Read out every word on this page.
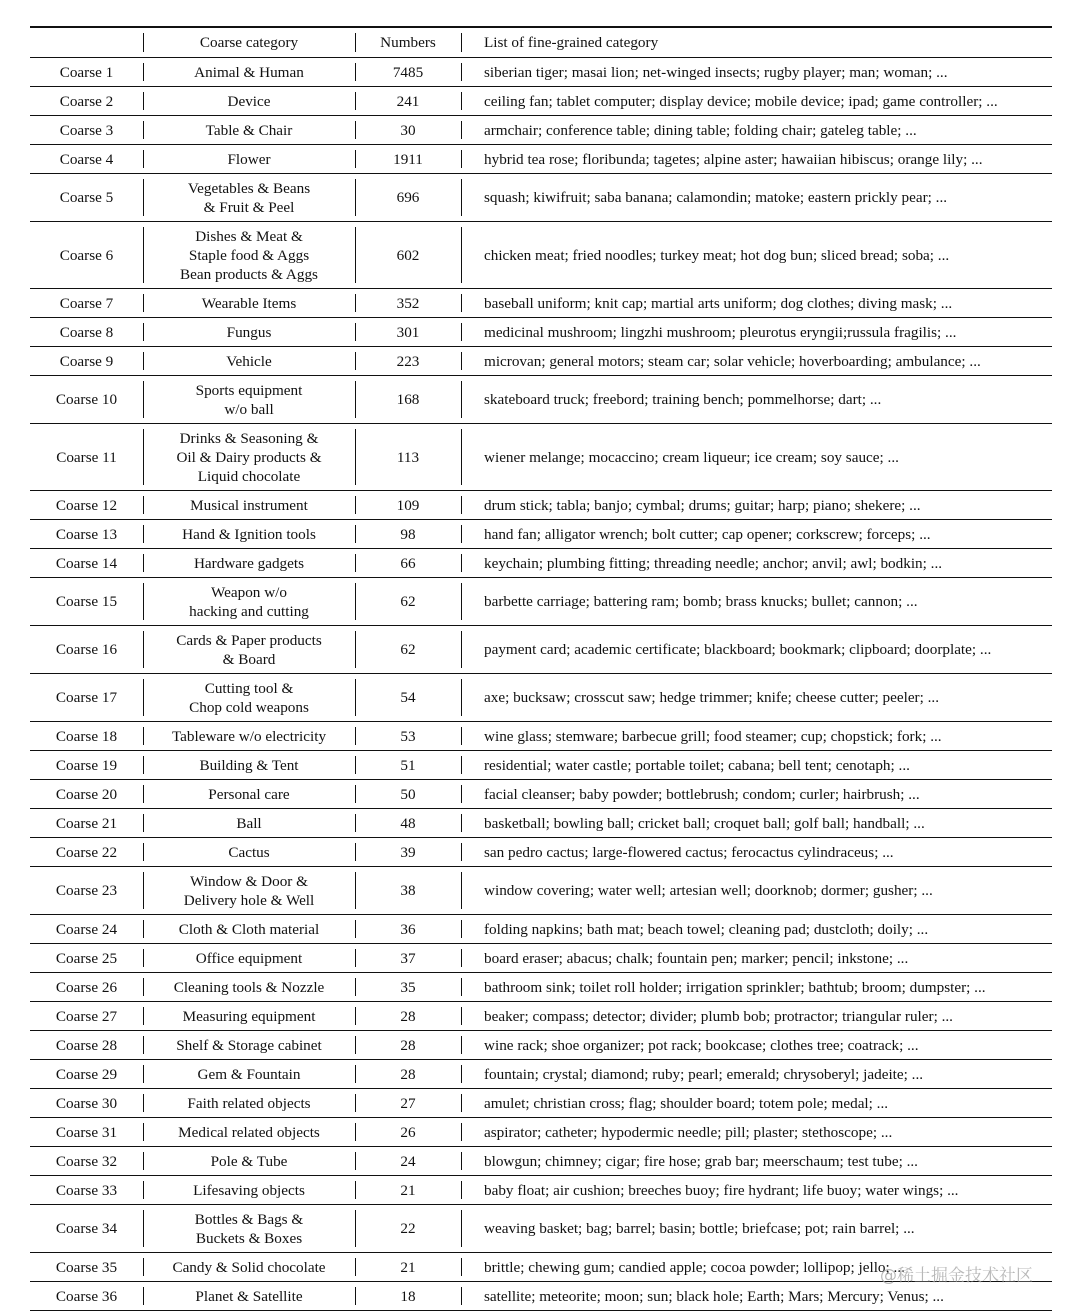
	Coarse category	Numbers	List of fine-grained category
Coarse 1	Animal & Human	7485	siberian tiger; masai lion; net-winged insects; rugby player; man; woman; ...
Coarse 2	Device	241	ceiling fan; tablet computer; display device; mobile device; ipad; game controller; ...
Coarse 3	Table & Chair	30	armchair; conference table; dining table; folding chair; gateleg table; ...
Coarse 4	Flower	1911	hybrid tea rose; floribunda; tagetes; alpine aster; hawaiian hibiscus; orange lily; ...
Coarse 5	Vegetables & Beans
& Fruit & Peel	696	squash; kiwifruit; saba banana; calamondin; matoke; eastern prickly pear; ...
Coarse 6	Dishes & Meat &
Staple food & Aggs
Bean products & Aggs	602	chicken meat; fried noodles; turkey meat; hot dog bun; sliced bread; soba; ...
Coarse 7	Wearable Items	352	baseball uniform; knit cap; martial arts uniform; dog clothes; diving mask; ...
Coarse 8	Fungus	301	medicinal mushroom; lingzhi mushroom; pleurotus eryngii;russula fragilis; ...
Coarse 9	Vehicle	223	microvan; general motors; steam car; solar vehicle; hoverboarding; ambulance; ...
Coarse 10	Sports equipment
w/o ball	168	skateboard truck; freebord; training bench; pommelhorse; dart; ...
Coarse 11	Drinks & Seasoning &
Oil & Dairy products &
Liquid chocolate	113	wiener melange; mocaccino; cream liqueur; ice cream; soy sauce; ...
Coarse 12	Musical instrument	109	drum stick; tabla; banjo; cymbal; drums; guitar; harp; piano; shekere; ...
Coarse 13	Hand & Ignition tools	98	hand fan; alligator wrench; bolt cutter; cap opener; corkscrew; forceps; ...
Coarse 14	Hardware gadgets	66	keychain; plumbing fitting; threading needle; anchor; anvil; awl; bodkin; ...
Coarse 15	Weapon w/o
hacking and cutting	62	barbette carriage; battering ram; bomb; brass knucks; bullet; cannon; ...
Coarse 16	Cards & Paper products
& Board	62	payment card; academic certificate; blackboard; bookmark; clipboard; doorplate; ...
Coarse 17	Cutting tool &
Chop cold weapons	54	axe; bucksaw; crosscut saw; hedge trimmer; knife; cheese cutter; peeler; ...
Coarse 18	Tableware w/o electricity	53	wine glass; stemware; barbecue grill; food steamer; cup; chopstick; fork; ...
Coarse 19	Building & Tent	51	residential; water castle; portable toilet; cabana; bell tent; cenotaph; ...
Coarse 20	Personal care	50	facial cleanser; baby powder; bottlebrush; condom; curler; hairbrush; ...
Coarse 21	Ball	48	basketball; bowling ball; cricket ball; croquet ball; golf ball; handball; ...
Coarse 22	Cactus	39	san pedro cactus; large-flowered cactus; ferocactus cylindraceus; ...
Coarse 23	Window & Door &
Delivery hole & Well	38	window covering; water well; artesian well; doorknob; dormer; gusher; ...
Coarse 24	Cloth & Cloth material	36	folding napkins; bath mat; beach towel; cleaning pad; dustcloth; doily; ...
Coarse 25	Office equipment	37	board eraser; abacus; chalk; fountain pen; marker; pencil; inkstone; ...
Coarse 26	Cleaning tools & Nozzle	35	bathroom sink; toilet roll holder; irrigation sprinkler; bathtub; broom; dumpster; ...
Coarse 27	Measuring equipment	28	beaker; compass; detector; divider; plumb bob; protractor; triangular ruler; ...
Coarse 28	Shelf & Storage cabinet	28	wine rack; shoe organizer; pot rack; bookcase; clothes tree; coatrack; ...
Coarse 29	Gem & Fountain	28	fountain; crystal; diamond; ruby; pearl; emerald; chrysoberyl; jadeite; ...
Coarse 30	Faith related objects	27	amulet; christian cross; flag; shoulder board; totem pole; medal; ...
Coarse 31	Medical related objects	26	aspirator; catheter; hypodermic needle; pill; plaster; stethoscope; ...
Coarse 32	Pole & Tube	24	blowgun; chimney; cigar; fire hose; grab bar; meerschaum; test tube; ...
Coarse 33	Lifesaving objects	21	baby float; air cushion; breeches buoy; fire hydrant; life buoy; water wings; ...
Coarse 34	Bottles & Bags &
Buckets & Boxes	22	weaving basket; bag; barrel; basin; bottle; briefcase; pot; rain barrel; ...
Coarse 35	Candy & Solid chocolate	21	brittle; chewing gum; candied apple; cocoa powder; lollipop; jello; ...
Coarse 36	Planet & Satellite	18	satellite; meteorite; moon; sun; black hole; Earth; Mars; Mercury; Venus; ...
@稀土掘金技术社区
